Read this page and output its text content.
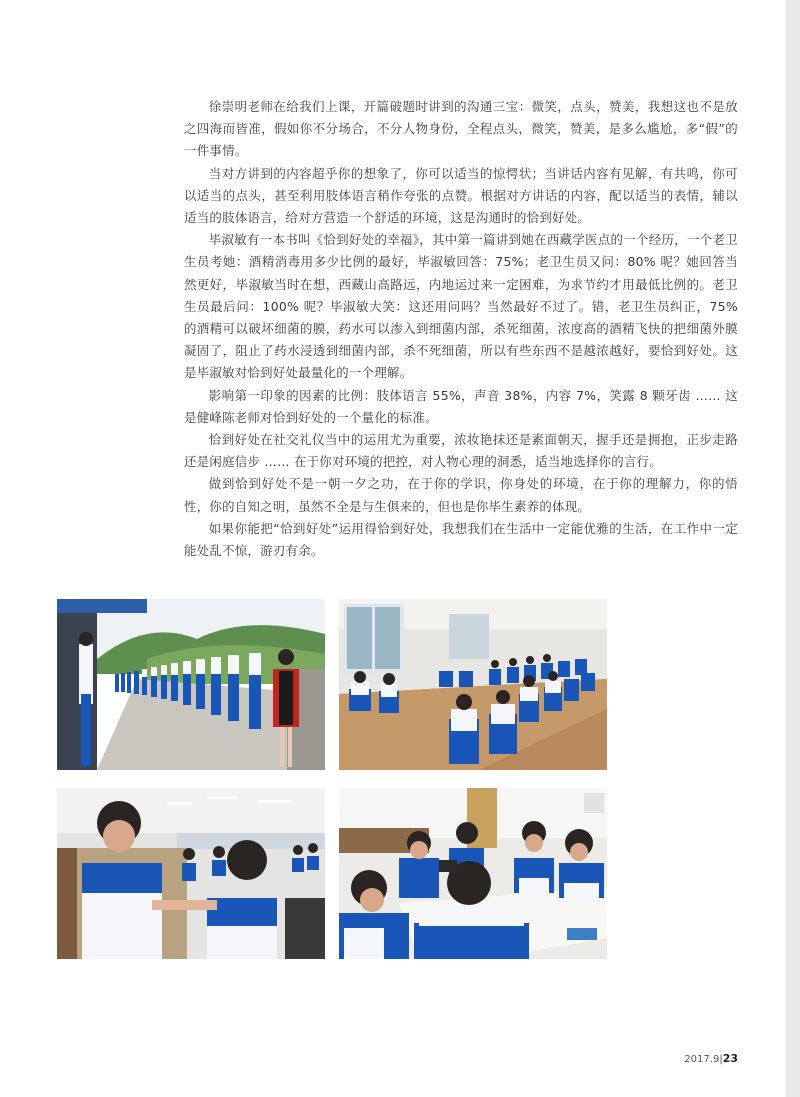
徐崇明老师在给我们上课，开篇破题时讲到的沟通三宝：微笑，点头，赞美，我想这也不是放之四海而皆准，假如你不分场合，不分人物身份，全程点头，微笑，赞美，是多么尴尬，多“假”的一件事情。

当对方讲到的内容超乎你的想象了，你可以适当的惊愕状；当讲话内容有见解，有共鸣，你可以适当的点头，甚至利用肢体语言稍作夸张的点赞。根据对方讲话的内容，配以适当的表情，辅以适当的肢体语言，给对方营造一个舒适的环境，这是沟通时的恰到好处。

毕淑敏有一本书叫《恰到好处的幸福》，其中第一篇讲到她在西藏学医点的一个经历，一个老卫生员考她：酒精消毒用多少比例的最好，毕淑敏回答：75%；老卫生员又问：80% 呢？她回答当然更好，毕淑敏当时在想，西藏山高路远，内地运过来一定困难，为求节约才用最低比例的。老卫生员最后问：100% 呢？毕淑敏大笑：这还用问吗？当然最好不过了。错，老卫生员纠正，75% 的酒精可以破坏细菌的膜，药水可以渗入到细菌内部，杀死细菌，浓度高的酒精飞快的把细菌外膜凝固了，阻止了药水浸透到细菌内部，杀不死细菌，所以有些东西不是越浓越好，要恰到好处。这是毕淑敏对恰到好处最量化的一个理解。

影响第一印象的因素的比例：肢体语言 55%，声音 38%，内容 7%，笑露 8 颗牙齿 …… 这是健峰陈老师对恰到好处的一个量化的标准。

恰到好处在社交礼仪当中的运用尤为重要，浓妆艳抹还是素面朝天，握手还是拥抱，正步走路还是闲庭信步 …… 在于你对环境的把控，对人物心理的洞悉，适当地选择你的言行。

做到恰到好处不是一朝一夕之功，在于你的学识，你身处的环境，在于你的理解力，你的悟性，你的自知之明，虽然不全是与生俱来的，但也是你毕生素养的体现。

如果你能把“恰到好处”运用得恰到好处，我想我们在生活中一定能优雅的生活，在工作中一定能处乱不惊，游刃有余。

2017.9|23
